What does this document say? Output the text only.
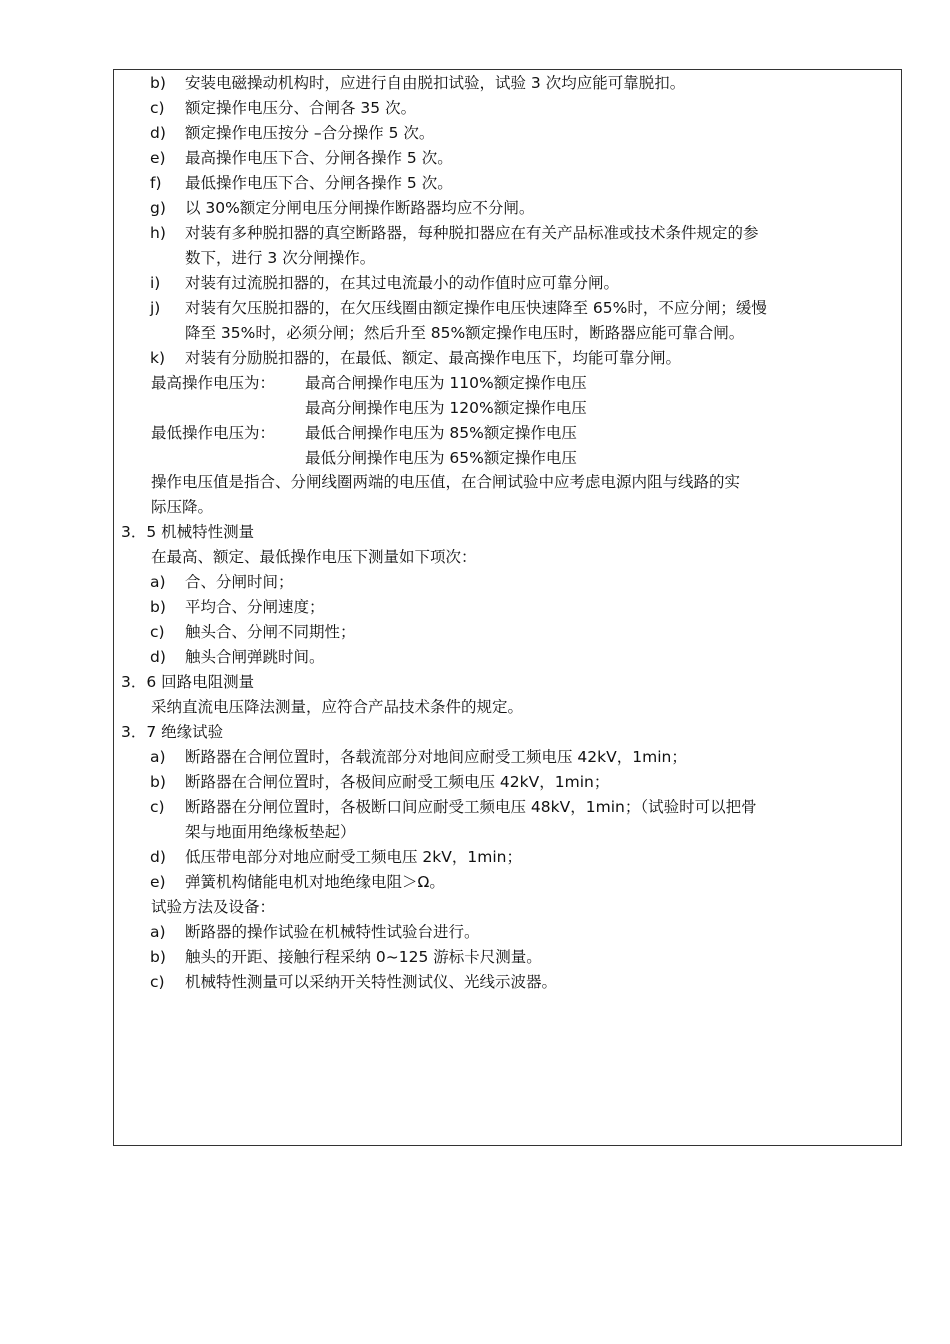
b) 安装电磁操动机构时，应进行自由脱扣试验，试验 3 次均应能可靠脱扣。
c) 额定操作电压分、合闸各 35 次。
d) 额定操作电压按分 –合分操作 5 次。
e) 最高操作电压下合、分闸各操作 5 次。
f) 最低操作电压下合、分闸各操作 5 次。
g) 以 30%额定分闸电压分闸操作断路器均应不分闸。
h) 对装有多种脱扣器的真空断路器，每种脱扣器应在有关产品标准或技术条件规定的参
数下，进行 3 次分闸操作。
i) 对装有过流脱扣器的，在其过电流最小的动作值时应可靠分闸。
j) 对装有欠压脱扣器的，在欠压线圈由额定操作电压快速降至 65%时，不应分闸；缓慢
降至 35%时，必须分闸；然后升至 85%额定操作电压时，断路器应能可靠合闸。
k) 对装有分励脱扣器的，在最低、额定、最高操作电压下，均能可靠分闸。
最高操作电压为： 最高合闸操作电压为 110%额定操作电压
最高分闸操作电压为 120%额定操作电压
最低操作电压为： 最低合闸操作电压为 85%额定操作电压
最低分闸操作电压为 65%额定操作电压
操作电压值是指合、分闸线圈两端的电压值，在合闸试验中应考虑电源内阻与线路的实
际压降。
3．5 机械特性测量
在最高、额定、最低操作电压下测量如下项次：
a) 合、分闸时间；
b) 平均合、分闸速度；
c) 触头合、分闸不同期性；
d) 触头合闸弹跳时间。
3．6 回路电阻测量
采纳直流电压降法测量，应符合产品技术条件的规定。
3．7 绝缘试验
a) 断路器在合闸位置时，各载流部分对地间应耐受工频电压 42kV，1min；
b) 断路器在合闸位置时，各极间应耐受工频电压 42kV，1min；
c) 断路器在分闸位置时，各极断口间应耐受工频电压 48kV，1min；（试验时可以把骨
架与地面用绝缘板垫起）
d) 低压带电部分对地应耐受工频电压 2kV，1min；
e) 弹簧机构储能电机对地绝缘电阻＞Ω。
试验方法及设备：
a) 断路器的操作试验在机械特性试验台进行。
b) 触头的开距、接触行程采纳 0~125 游标卡尺测量。
c) 机械特性测量可以采纳开关特性测试仪、光线示波器。
